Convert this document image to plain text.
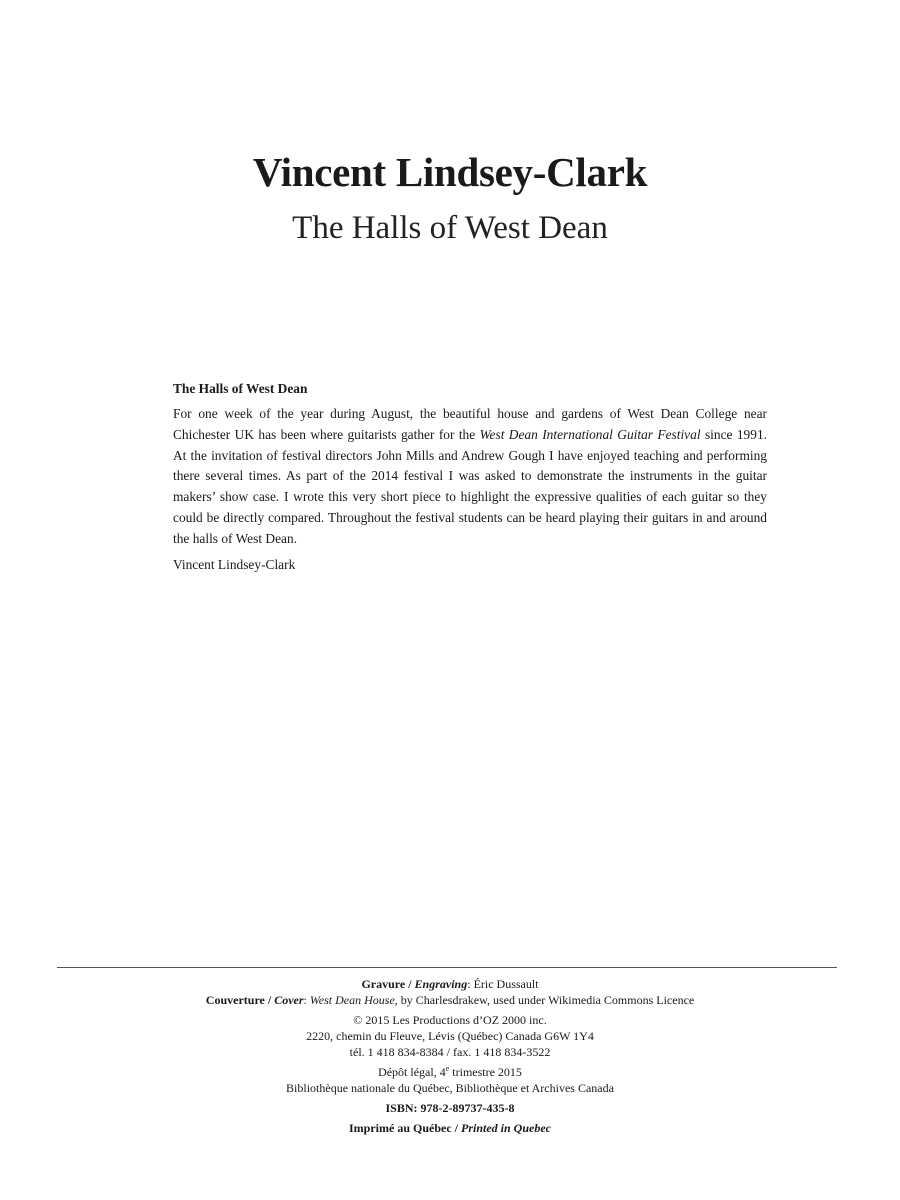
Vincent Lindsey-Clark
The Halls of West Dean
The Halls of West Dean

For one week of the year during August, the beautiful house and gardens of West Dean College near Chichester UK has been where guitarists gather for the West Dean International Guitar Festival since 1991. At the invitation of festival directors John Mills and Andrew Gough I have enjoyed teaching and performing there several times. As part of the 2014 festival I was asked to demonstrate the instruments in the guitar makers’ show case. I wrote this very short piece to highlight the expressive qualities of each guitar so they could be directly compared. Throughout the festival students can be heard playing their guitars in and around the halls of West Dean.

Vincent Lindsey-Clark
Gravure / Engraving: Éric Dussault
Couverture / Cover: West Dean House, by Charlesdrakew, used under Wikimedia Commons Licence
© 2015 Les Productions d’OZ 2000 inc.
2220, chemin du Fleuve, Lévis (Québec) Canada G6W 1Y4
tél. 1 418 834-8384 / fax. 1 418 834-3522
Dépôt légal, 4e trimestre 2015
Bibliothèque nationale du Québec, Bibliothèque et Archives Canada
ISBN: 978-2-89737-435-8
Imprimé au Québec / Printed in Quebec
